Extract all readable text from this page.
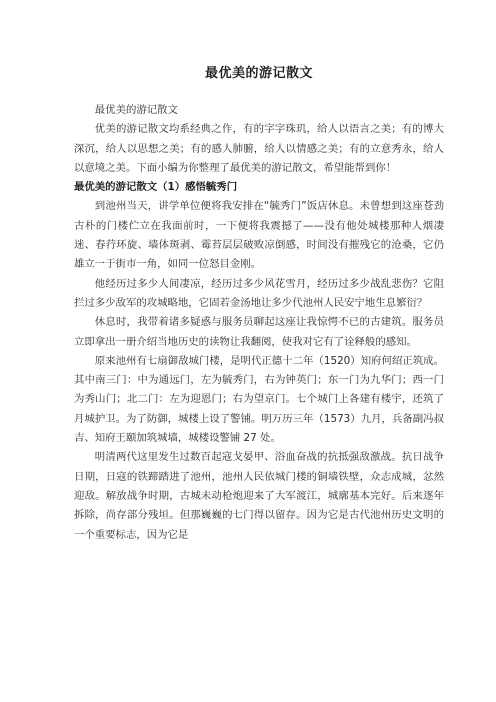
最优美的游记散文

最优美的游记散文

优美的游记散文均系经典之作，有的字字珠玑，给人以语言之美；有的博大深沉，给人以思想之美；有的感人肺腑，给人以情感之美；有的立意秀永，给人以意境之美。下面小编为你整理了最优美的游记散文，希望能帮到你！

最优美的游记散文（1）感悟毓秀门

到池州当天，讲学单位便将我安排在“毓秀门”饭店休息。未曾想到这座苍劲古朴的门楼伫立在我面前时，一下便将我震撼了——没有他处城楼那种人烟凄迷、春荇环旋、墙体斑剥、霉苔层层破败凉倒感，时间没有摧残它的沧桑，它仍雄立一于街市一角，如同一位怒目金刚。

他经历过多少人间凄凉，经历过多少风花雪月，经历过多少战乱悲伤？它阻拦过多少敌军的攻城略地，它固若金汤地让多少代池州人民安宁地生息繁衍？

休息时，我带着诸多疑惑与服务员聊起这座让我惊愕不已的古建筑。服务员立即拿出一册介绍当地历史的读物让我翻阅，使我对它有了诠释般的感知。

原来池州有七扇御敌城门楼，是明代正德十二年（1520）知府何绍正筑成。其中南三门：中为通远门，左为毓秀门，右为钟英门；东一门为九华门；西一门为秀山门；北二门：左为迎恩门；右为望京门。七个城门上各建有楼宇，还筑了月城护卫。为了防御，城楼上设了警铺。明万历三年（1573）九月，兵备副冯叔吉、知府王颐加筑城墙，城楼设警铺 27 处。

明清两代这里发生过数百起寇戈晏甲、浴血奋战的抗抵强敌激战。抗日战争日期，日寇的铁蹄踏进了池州，池州人民依城门楼的铜墙铁壁，众志成城，忿然迎敌。解放战争时期，古城未动枪炮迎来了大军渡江，城廓基本完好。后来逐年拆除，尚存部分残垣。但那巍巍的七门得以留存。因为它是古代池州历史文明的一个重要标志，因为它是
